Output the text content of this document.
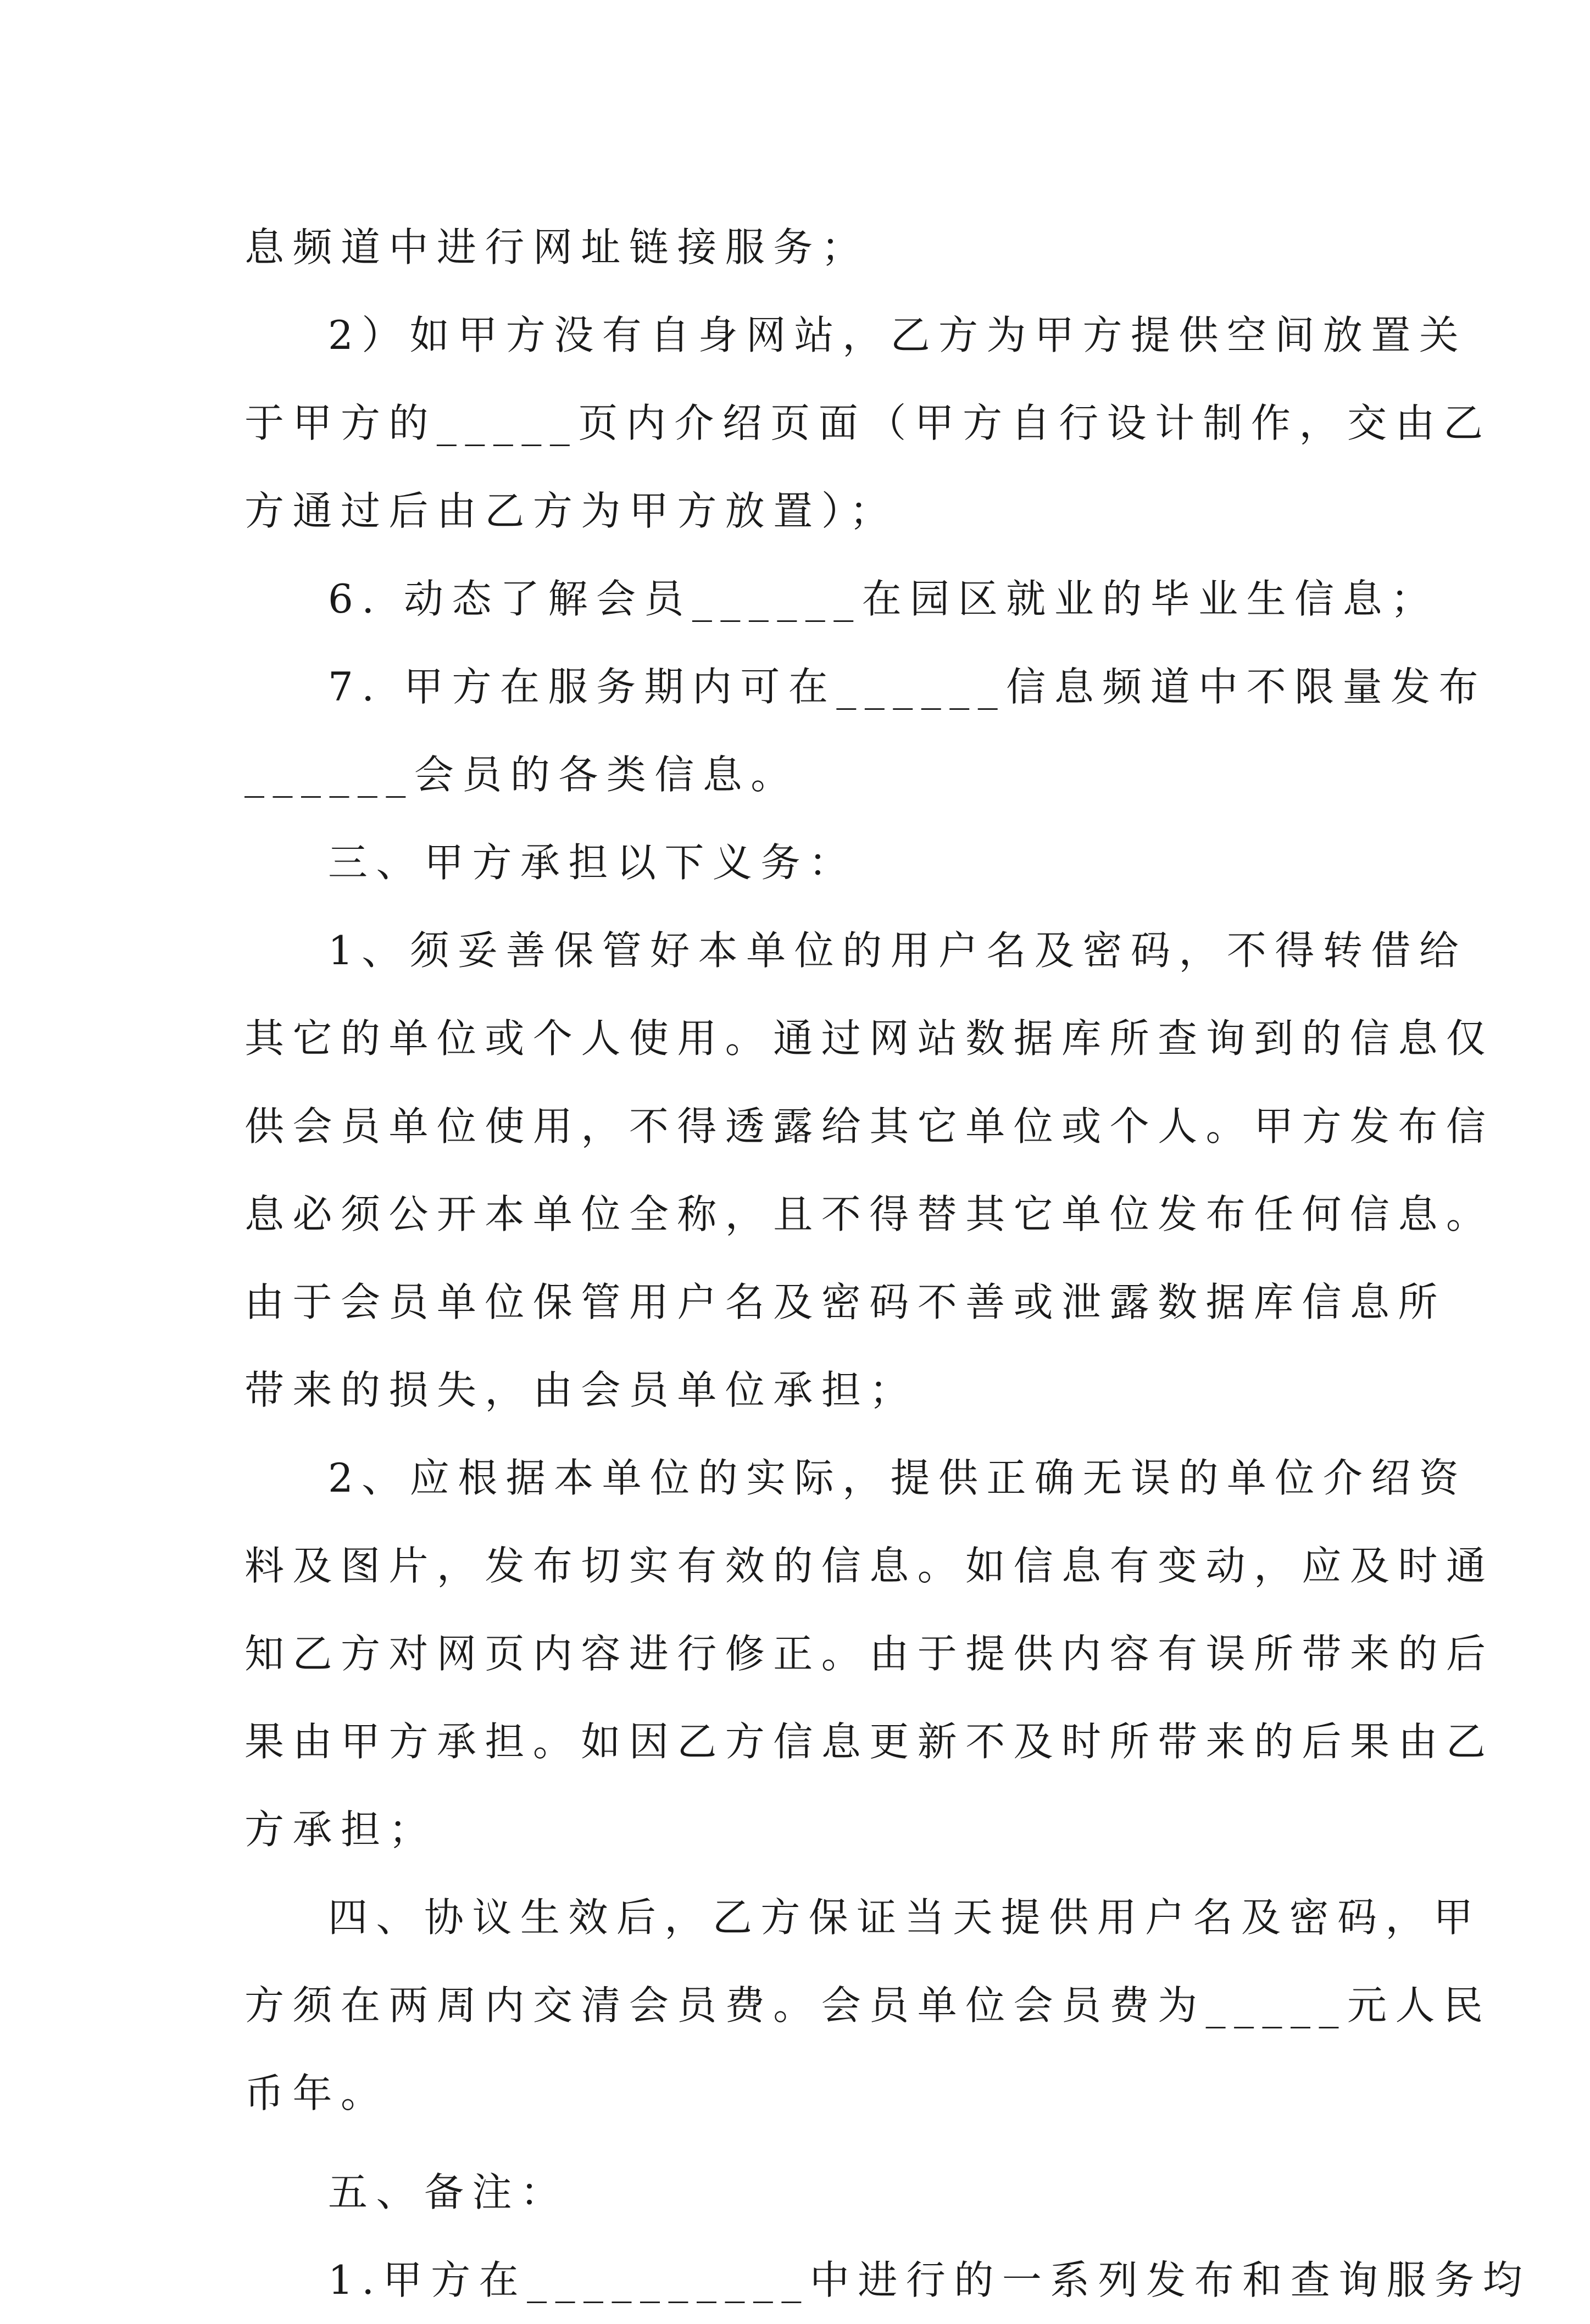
息频道中进行网址链接服务；

2）如甲方没有自身网站，乙方为甲方提供空间放置关

于甲方的_____页内介绍页面（甲方自行设计制作，交由乙

方通过后由乙方为甲方放置）；

6. 动态了解会员______在园区就业的毕业生信息；

7. 甲方在服务期内可在______信息频道中不限量发布

______会员的各类信息。

三、甲方承担以下义务：

1、须妥善保管好本单位的用户名及密码，不得转借给

其它的单位或个人使用。通过网站数据库所查询到的信息仅

供会员单位使用，不得透露给其它单位或个人。甲方发布信

息必须公开本单位全称，且不得替其它单位发布任何信息。

由于会员单位保管用户名及密码不善或泄露数据库信息所

带来的损失，由会员单位承担；

2、应根据本单位的实际，提供正确无误的单位介绍资

料及图片，发布切实有效的信息。如信息有变动，应及时通

知乙方对网页内容进行修正。由于提供内容有误所带来的后

果由甲方承担。如因乙方信息更新不及时所带来的后果由乙

方承担；

四、协议生效后，乙方保证当天提供用户名及密码，甲

方须在两周内交清会员费。会员单位会员费为_____元人民

币年。

五、备注：

1.甲方在__________中进行的一系列发布和查询服务均
